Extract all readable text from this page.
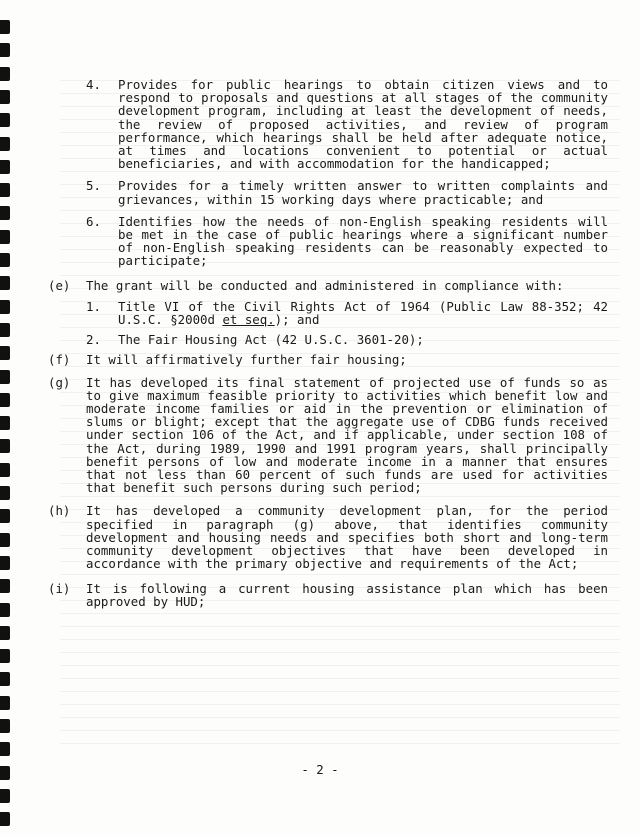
4. Provides for public hearings to obtain citizen views and to respond to proposals and questions at all stages of the community development program, including at least the development of needs, the review of proposed activities, and review of program performance, which hearings shall be held after adequate notice, at times and locations convenient to potential or actual beneficiaries, and with accommodation for the handicapped;
5. Provides for a timely written answer to written complaints and grievances, within 15 working days where practicable; and
6. Identifies how the needs of non-English speaking residents will be met in the case of public hearings where a significant number of non-English speaking residents can be reasonably expected to participate;
(e) The grant will be conducted and administered in compliance with:
1. Title VI of the Civil Rights Act of 1964 (Public Law 88-352; 42 U.S.C. §2000d et seq.); and
2. The Fair Housing Act (42 U.S.C. 3601-20);
(f) It will affirmatively further fair housing;
(g) It has developed its final statement of projected use of funds so as to give maximum feasible priority to activities which benefit low and moderate income families or aid in the prevention or elimination of slums or blight; except that the aggregate use of CDBG funds received under section 106 of the Act, and if applicable, under section 108 of the Act, during 1989, 1990 and 1991 program years, shall principally benefit persons of low and moderate income in a manner that ensures that not less than 60 percent of such funds are used for activities that benefit such persons during such period;
(h) It has developed a community development plan, for the period specified in paragraph (g) above, that identifies community development and housing needs and specifies both short and long-term community development objectives that have been developed in accordance with the primary objective and requirements of the Act;
(i) It is following a current housing assistance plan which has been approved by HUD;
- 2 -
